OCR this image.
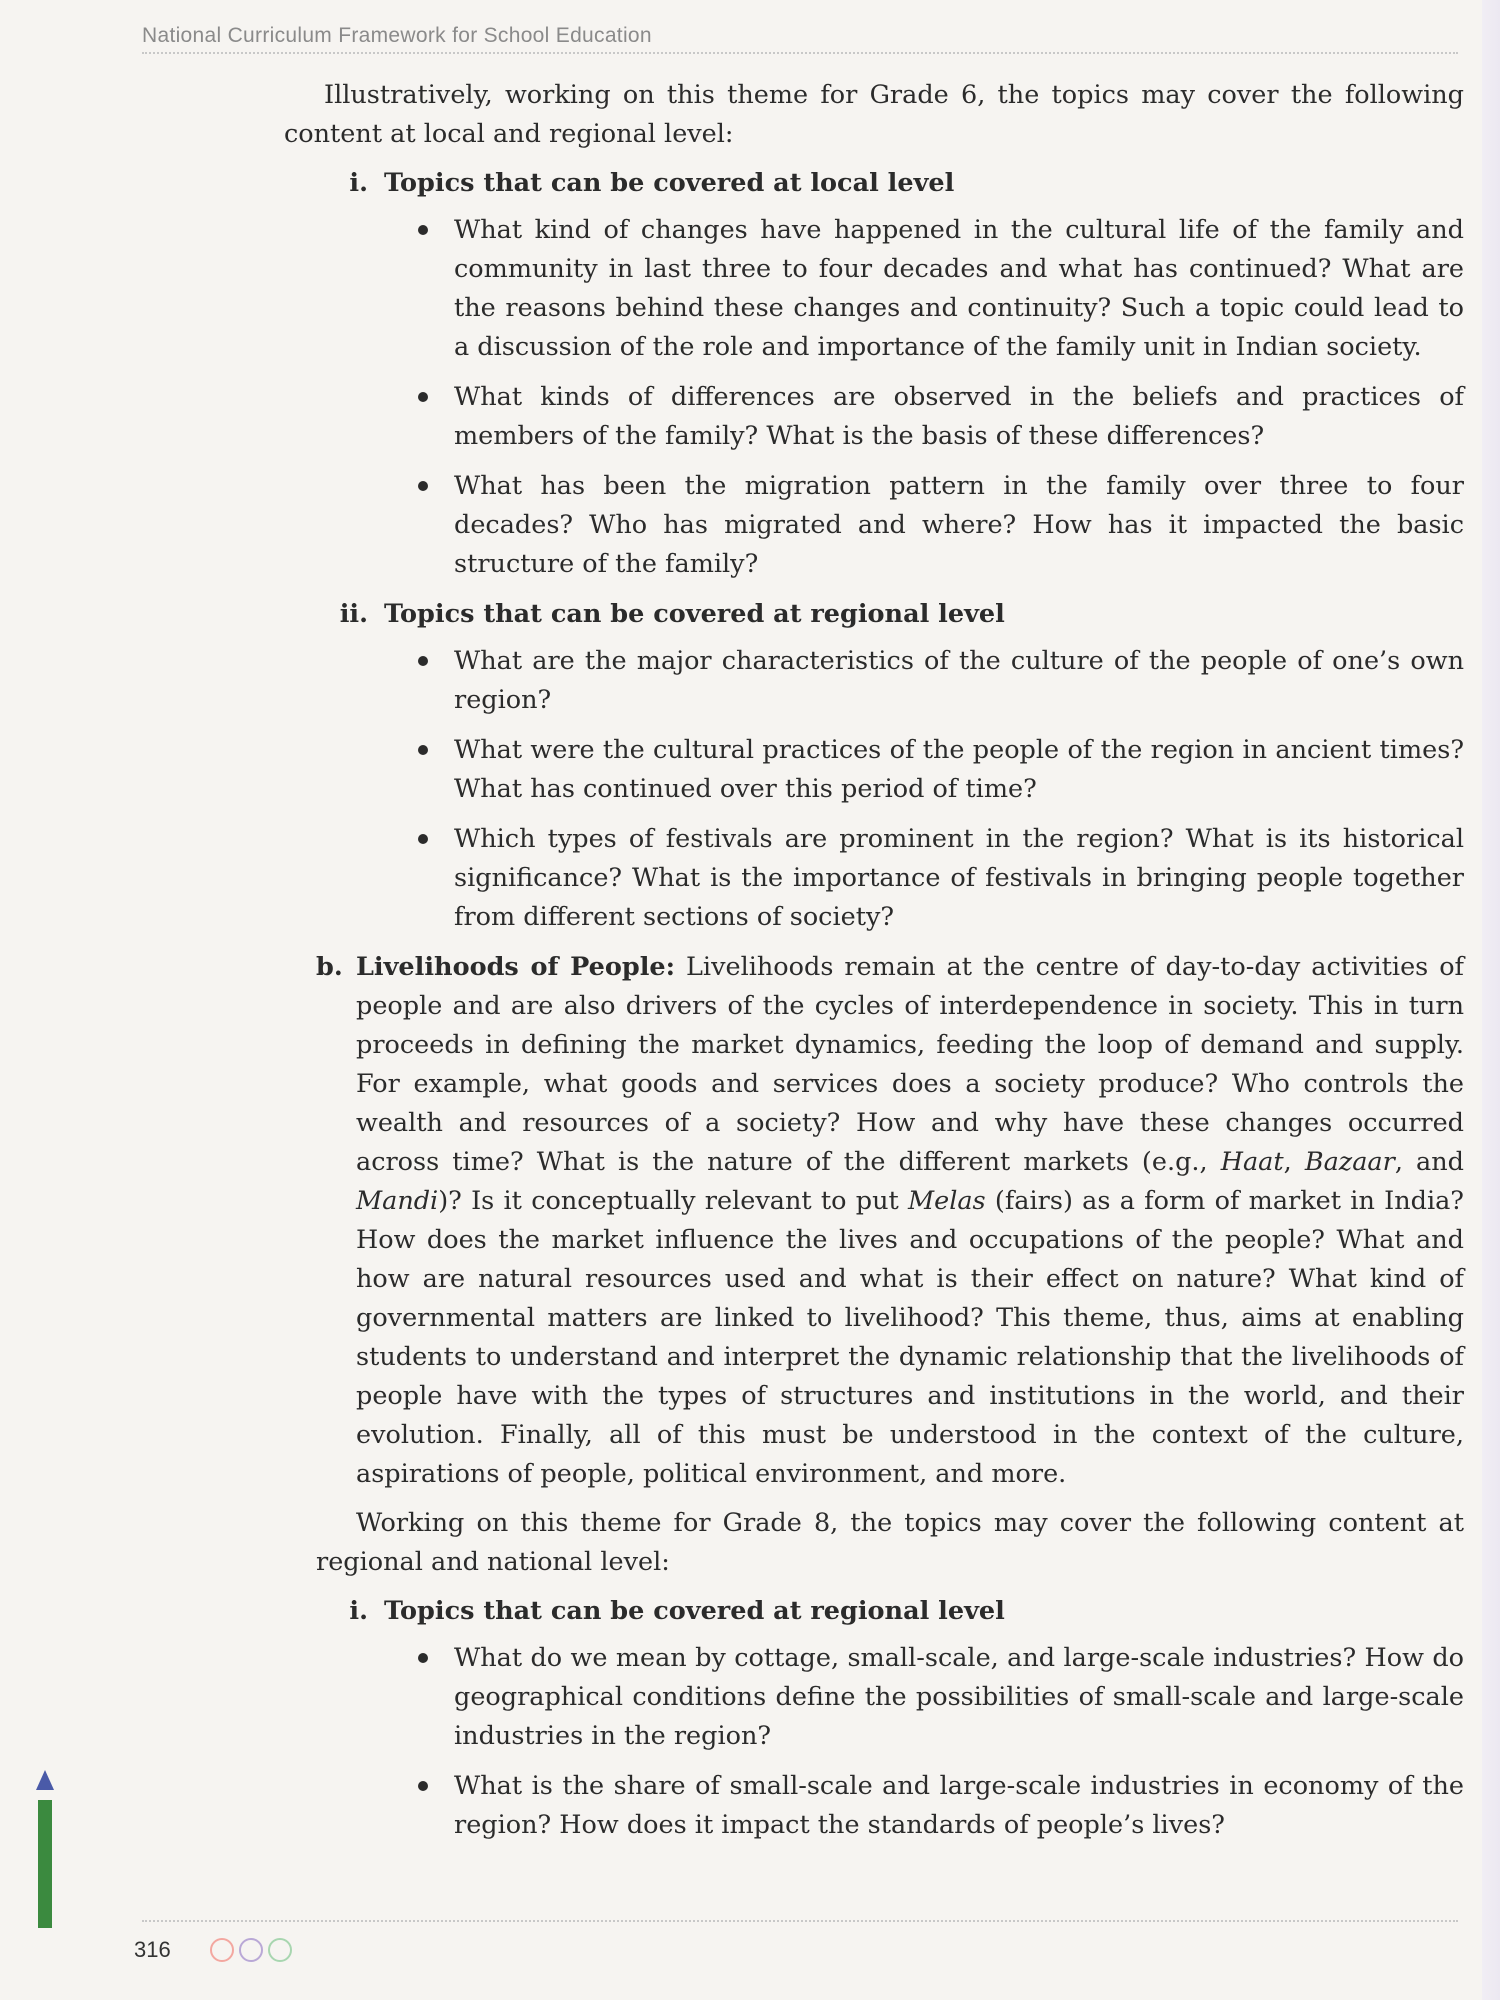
National Curriculum Framework for School Education

Illustratively, working on this theme for Grade 6, the topics may cover the following content at local and regional level:

i. Topics that can be covered at local level
What kind of changes have happened in the cultural life of the family and community in last three to four decades and what has continued? What are the reasons behind these changes and continuity? Such a topic could lead to a discussion of the role and importance of the family unit in Indian society.
What kinds of differences are observed in the beliefs and practices of members of the family? What is the basis of these differences?
What has been the migration pattern in the family over three to four decades? Who has migrated and where? How has it impacted the basic structure of the family?
ii. Topics that can be covered at regional level
What are the major characteristics of the culture of the people of one’s own region?
What were the cultural practices of the people of the region in ancient times? What has continued over this period of time?
Which types of festivals are prominent in the region? What is its historical significance? What is the importance of festivals in bringing people together from different sections of society?
b. Livelihoods of People: Livelihoods remain at the centre of day-to-day activities of people and are also drivers of the cycles of interdependence in society. This in turn proceeds in defining the market dynamics, feeding the loop of demand and supply. For example, what goods and services does a society produce? Who controls the wealth and resources of a society? How and why have these changes occurred across time? What is the nature of the different markets (e.g., Haat, Bazaar, and Mandi)? Is it conceptually relevant to put Melas (fairs) as a form of market in India? How does the market influence the lives and occupations of the people? What and how are natural resources used and what is their effect on nature? What kind of governmental matters are linked to livelihood? This theme, thus, aims at enabling students to understand and interpret the dynamic relationship that the livelihoods of people have with the types of structures and institutions in the world, and their evolution. Finally, all of this must be understood in the context of the culture, aspirations of people, political environment, and more.

Working on this theme for Grade 8, the topics may cover the following content at regional and national level:

i. Topics that can be covered at regional level
What do we mean by cottage, small-scale, and large-scale industries? How do geographical conditions define the possibilities of small-scale and large-scale industries in the region?
What is the share of small-scale and large-scale industries in economy of the region? How does it impact the standards of people’s lives?
316
